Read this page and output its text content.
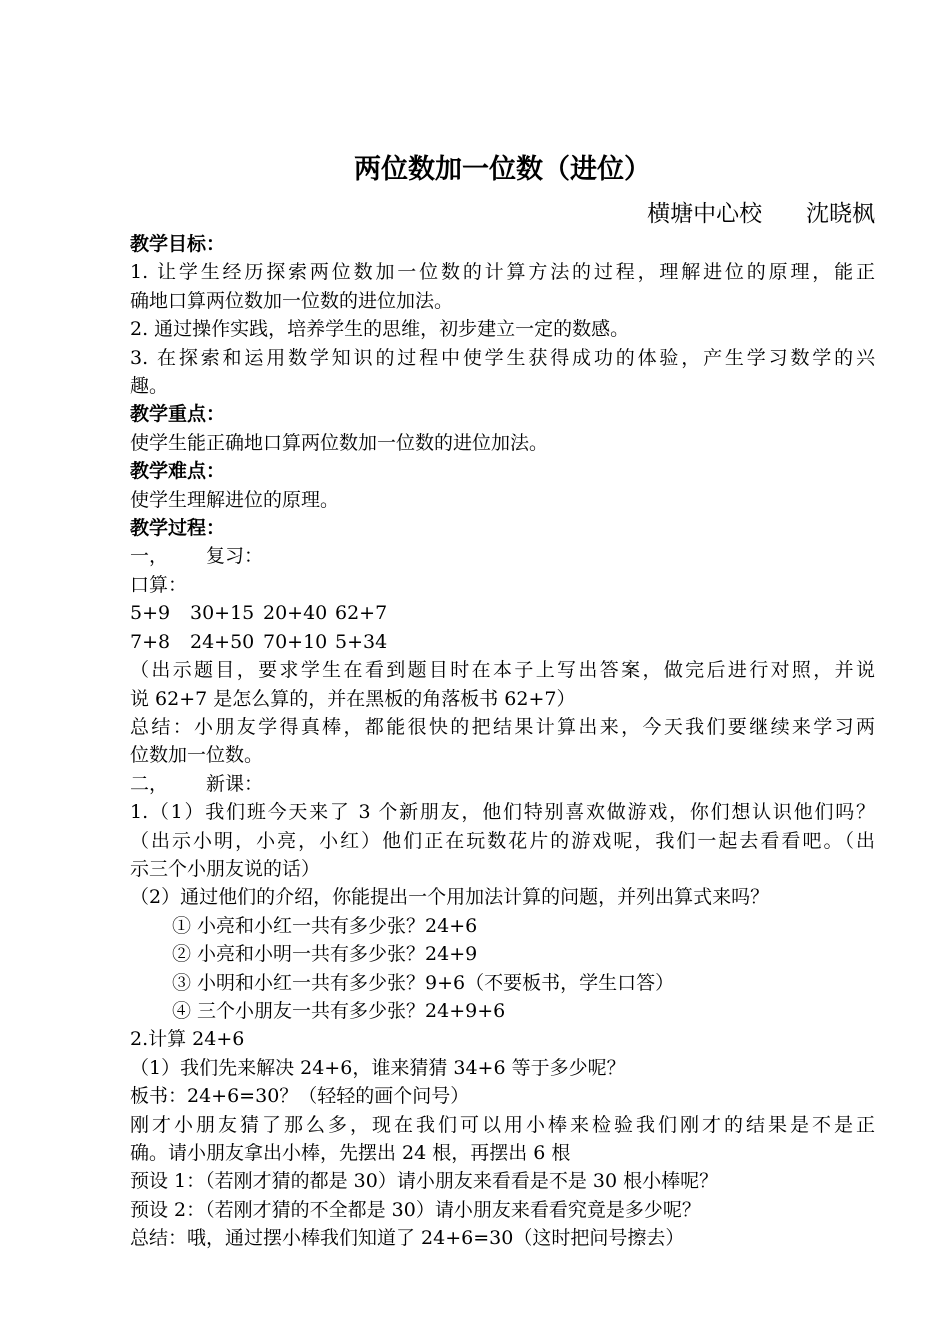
两位数加一位数（进位）
横塘中心校      沈晓枫

教学目标：

1. 让学生经历探索两位数加一位数的计算方法的过程，理解进位的原理，能正

确地口算两位数加一位数的进位加法。

2. 通过操作实践，培养学生的思维，初步建立一定的数感。

3. 在探索和运用数学知识的过程中使学生获得成功的体验，产生学习数学的兴

趣。

教学重点：

使学生能正确地口算两位数加一位数的进位加法。

教学难点：

使学生理解进位的原理。

教学过程：

一， 复习：

口算：

5+9 30+15 20+40 62+7

7+8 24+50 70+10 5+34

（出示题目，要求学生在看到题目时在本子上写出答案，做完后进行对照，并说

说 62+7 是怎么算的，并在黑板的角落板书 62+7）

总结：小朋友学得真棒，都能很快的把结果计算出来，今天我们要继续来学习两

位数加一位数。

二， 新课：

1.（1）我们班今天来了 3 个新朋友，他们特别喜欢做游戏，你们想认识他们吗？

（出示小明，小亮，小红）他们正在玩数花片的游戏呢，我们一起去看看吧。（出

示三个小朋友说的话）

（2）通过他们的介绍，你能提出一个用加法计算的问题，并列出算式来吗？

① 小亮和小红一共有多少张？24+6

② 小亮和小明一共有多少张？24+9

③ 小明和小红一共有多少张？9+6（不要板书，学生口答）

④ 三个小朋友一共有多少张？24+9+6

2.计算 24+6

（1）我们先来解决 24+6，谁来猜猜 34+6 等于多少呢？

板书：24+6=30？（轻轻的画个问号）

刚才小朋友猜了那么多，现在我们可以用小棒来检验我们刚才的结果是不是正

确。请小朋友拿出小棒，先摆出 24 根，再摆出 6 根

预设 1：（若刚才猜的都是 30）请小朋友来看看是不是 30 根小棒呢？

预设 2：（若刚才猜的不全都是 30）请小朋友来看看究竟是多少呢？

总结：哦，通过摆小棒我们知道了 24+6=30（这时把问号擦去）
